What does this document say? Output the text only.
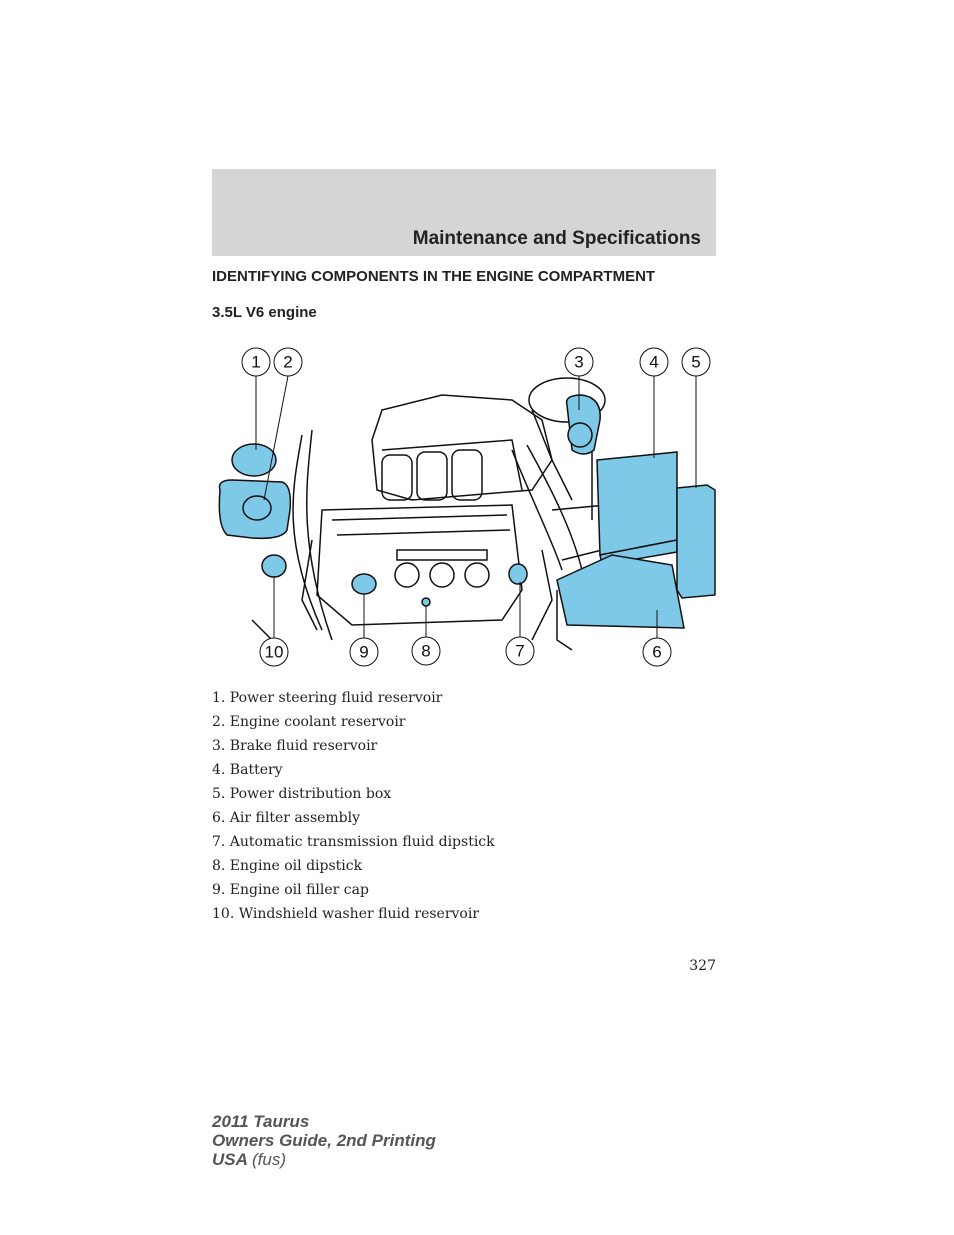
Maintenance and Specifications
IDENTIFYING COMPONENTS IN THE ENGINE COMPARTMENT
3.5L V6 engine
1 2	3	4 5
6
7
8
9
10
1. Power steering fluid reservoir
2. Engine coolant reservoir
3. Brake fluid reservoir
4. Battery
5. Power distribution box
6. Air filter assembly
7. Automatic transmission fluid dipstick
8. Engine oil dipstick
9. Engine oil filler cap
10. Windshield washer fluid reservoir
327
2011 Taurus
Owners Guide, 2nd Printing
USA (fus)
